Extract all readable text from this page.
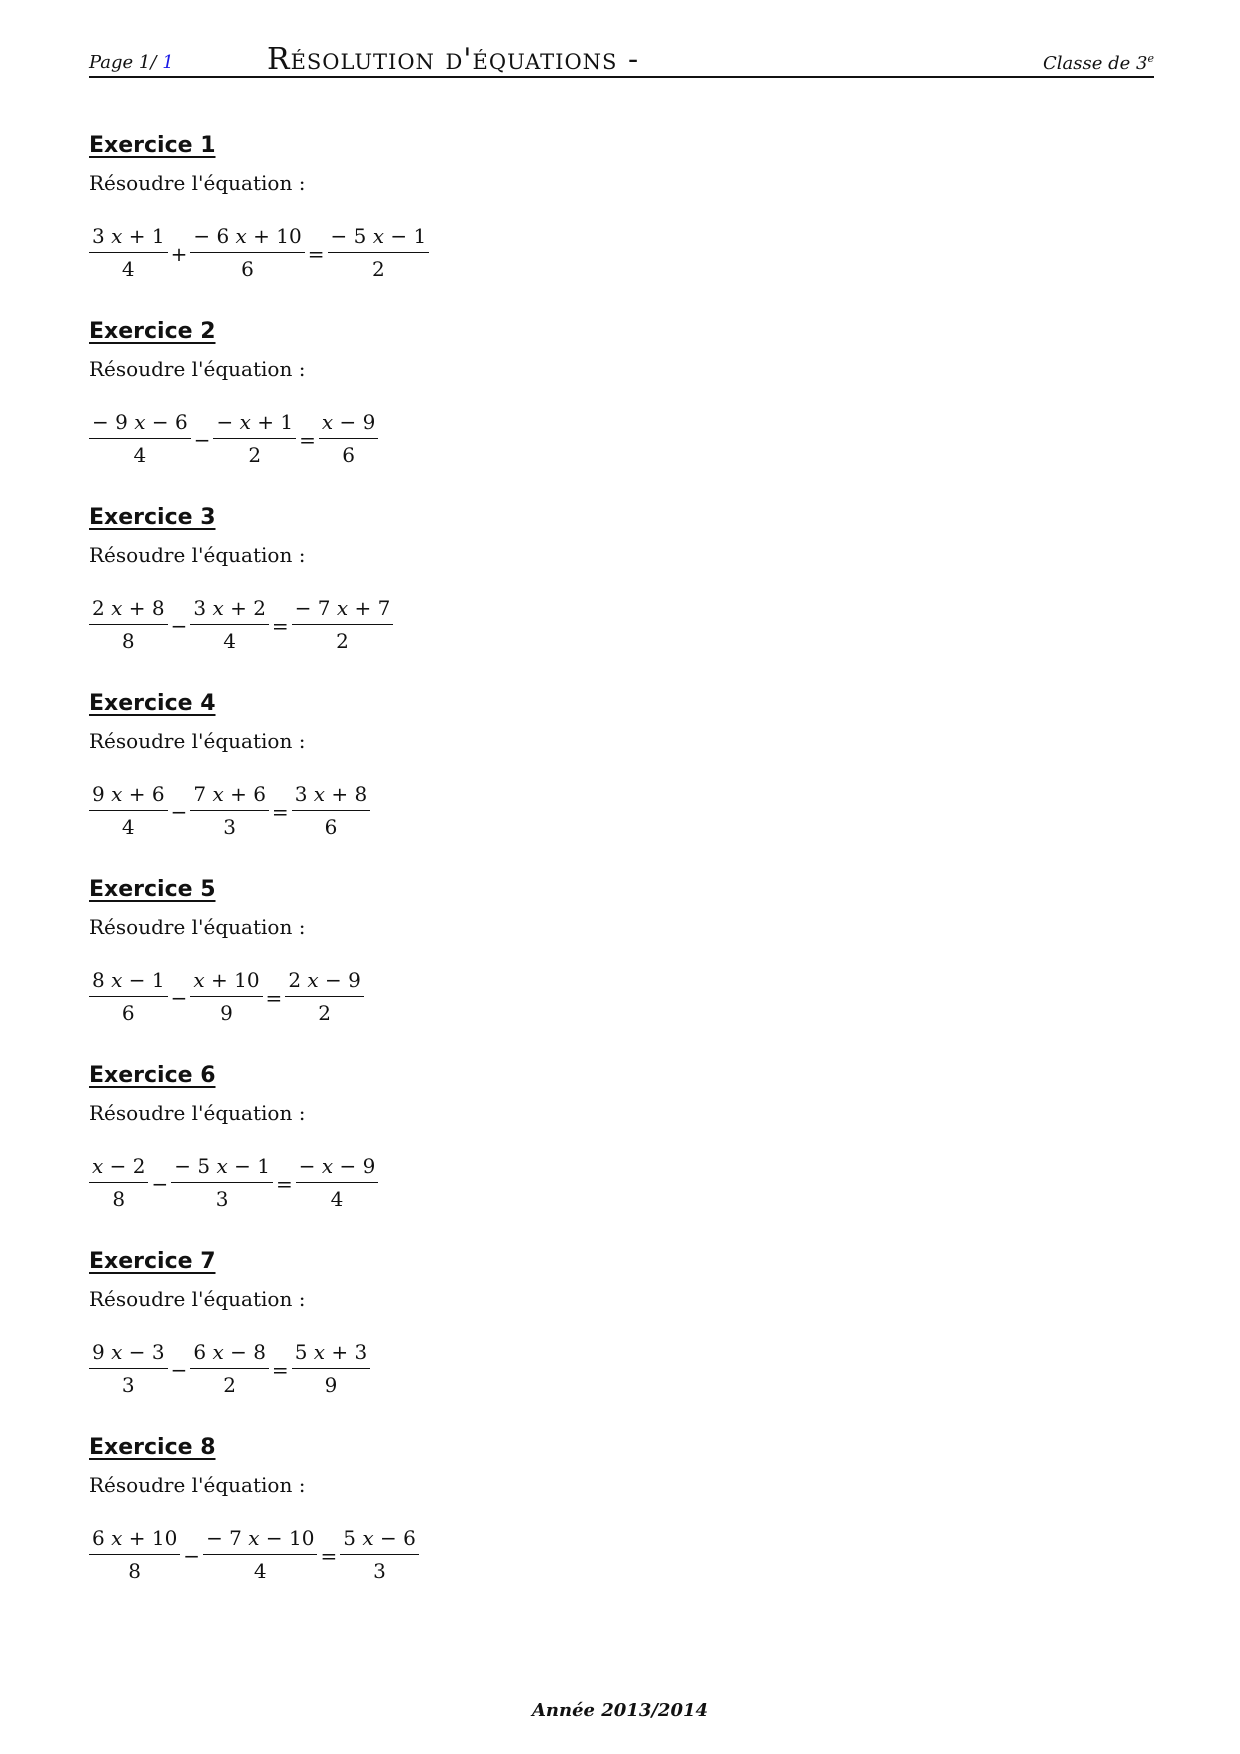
Page 1/ 1	Résolution d'équations -	Classe de 3e
Exercice 1
Résoudre l'équation :
$\frac{3 x + 1}{4} + \frac{- 6 x + 10}{6} = \frac{- 5 x - 1}{2}$
Exercice 2
Résoudre l'équation :
$\frac{- 9 x - 6}{4} - \frac{- x + 1}{2} = \frac{x - 9}{6}$
Exercice 3
Résoudre l'équation :
$\frac{2 x + 8}{8} - \frac{3 x + 2}{4} = \frac{- 7 x + 7}{2}$
Exercice 4
Résoudre l'équation :
$\frac{9 x + 6}{4} - \frac{7 x + 6}{3} = \frac{3 x + 8}{6}$
Exercice 5
Résoudre l'équation :
$\frac{8 x - 1}{6} - \frac{x + 10}{9} = \frac{2 x - 9}{2}$
Exercice 6
Résoudre l'équation :
$\frac{x - 2}{8} - \frac{- 5 x - 1}{3} = \frac{- x - 9}{4}$
Exercice 7
Résoudre l'équation :
$\frac{9 x - 3}{3} - \frac{6 x - 8}{2} = \frac{5 x + 3}{9}$
Exercice 8
Résoudre l'équation :
$\frac{6 x + 10}{8} - \frac{- 7 x - 10}{4} = \frac{5 x - 6}{3}$
Année 2013/2014
